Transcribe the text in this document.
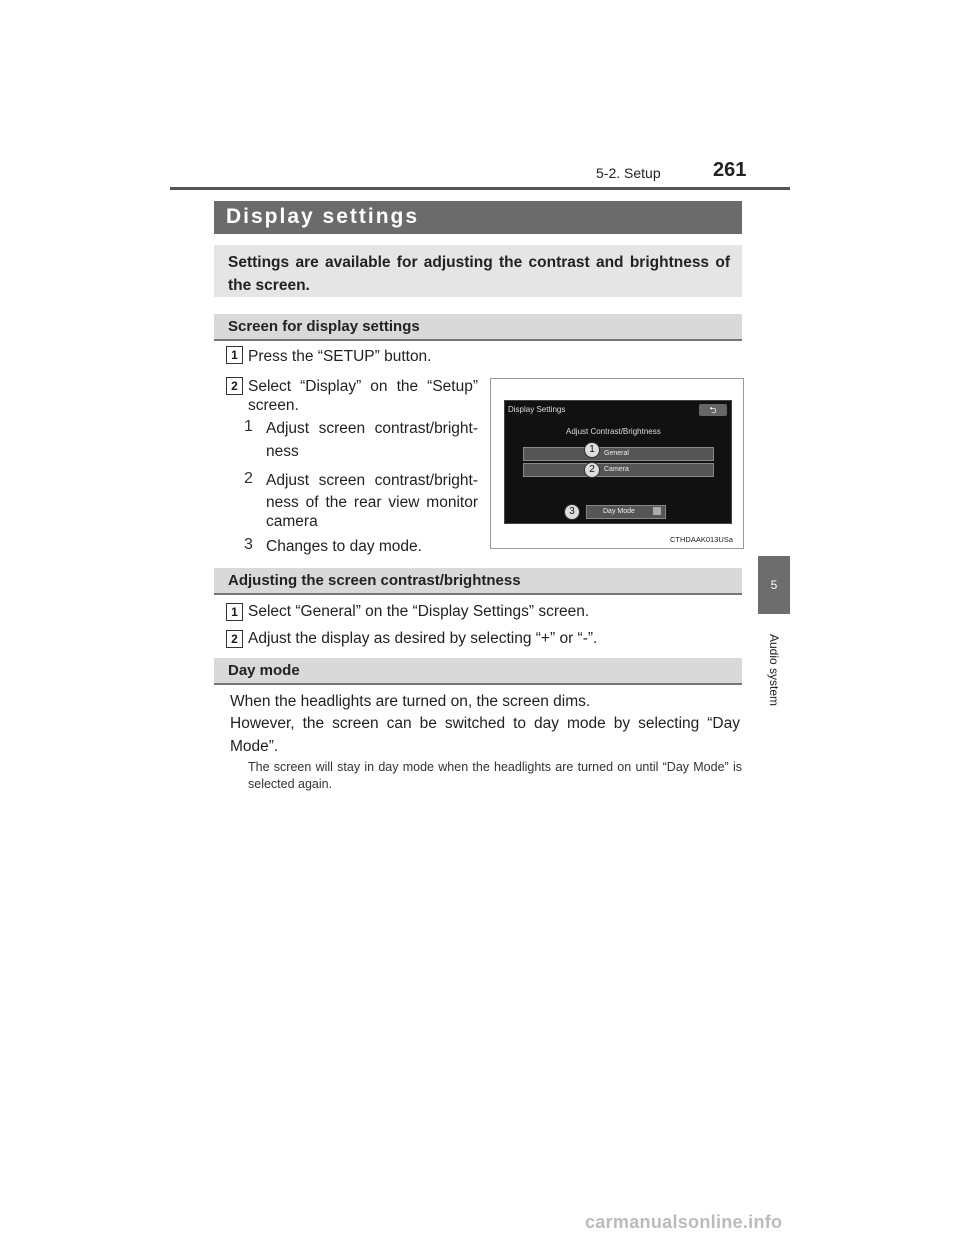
5-2. Setup	261
5
Audio system
Display settings

Settings are available for adjusting the contrast and brightness of the screen.

Screen for display settings
1 Press the “SETUP” button.
2 Select “Display” on the “Setup”
screen.
1 Adjust screen contrast/bright-
ness
2 Adjust screen contrast/bright-
ness of the rear view monitor
camera
3 Changes to day mode.
Display Settings	⮌
Adjust Contrast/Brightness
General
Camera
Day Mode
1
2
3
CTHDAAK013USa
Adjusting the screen contrast/brightness
1 Select “General” on the “Display Settings” screen.
2 Adjust the display as desired by selecting “+” or “-”.
Day mode
When the headlights are turned on, the screen dims.
However, the screen can be switched to day mode by selecting “Day
Mode”.
The screen will stay in day mode when the headlights are turned on until “Day Mode” is selected again.
carmanualsonline.info
